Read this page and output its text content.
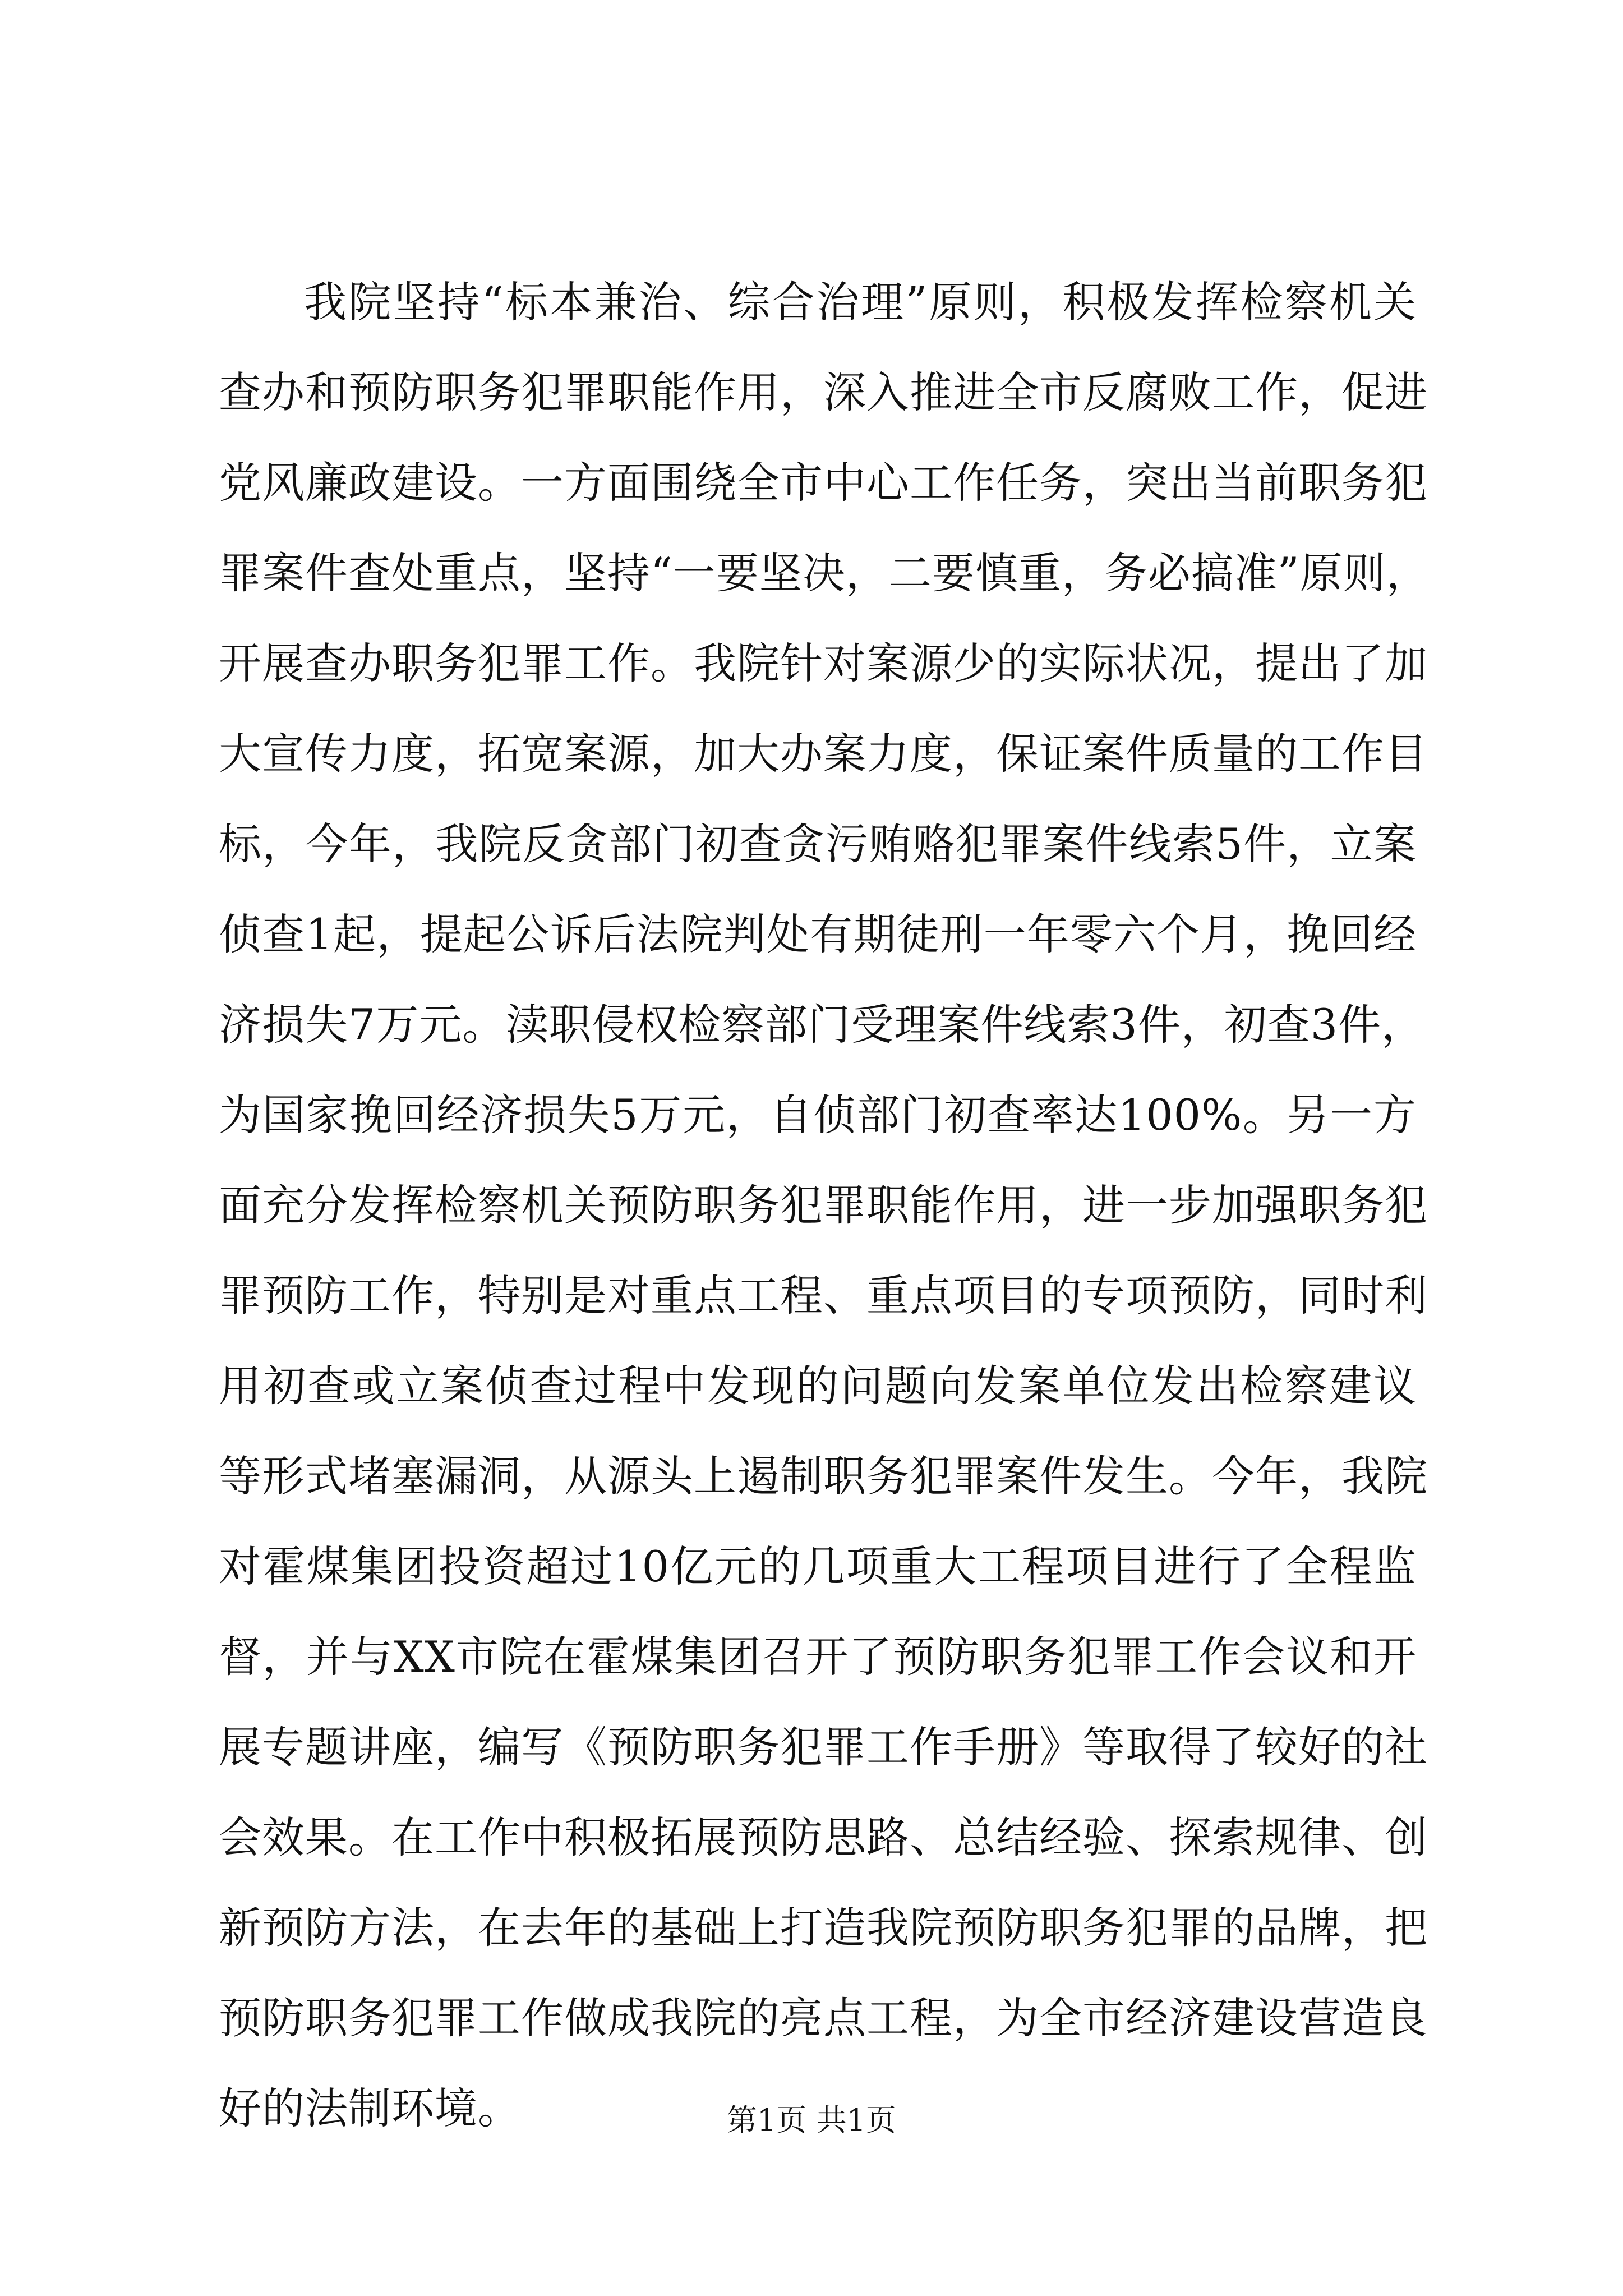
我院坚持“标本兼治、综合治理”原则，积极发挥检察机关
查办和预防职务犯罪职能作用，深入推进全市反腐败工作，促进
党风廉政建设。一方面围绕全市中心工作任务，突出当前职务犯
罪案件查处重点，坚持“一要坚决，二要慎重，务必搞准”原则，
开展查办职务犯罪工作。我院针对案源少的实际状况，提出了加
大宣传力度，拓宽案源，加大办案力度，保证案件质量的工作目
标，今年，我院反贪部门初查贪污贿赂犯罪案件线索5件，立案
侦查1起，提起公诉后法院判处有期徒刑一年零六个月，挽回经
济损失7万元。渎职侵权检察部门受理案件线索3件，初查3件，
为国家挽回经济损失5万元，自侦部门初查率达100%。另一方
面充分发挥检察机关预防职务犯罪职能作用，进一步加强职务犯
罪预防工作，特别是对重点工程、重点项目的专项预防，同时利
用初查或立案侦查过程中发现的问题向发案单位发出检察建议
等形式堵塞漏洞，从源头上遏制职务犯罪案件发生。今年，我院
对霍煤集团投资超过10亿元的几项重大工程项目进行了全程监
督，并与XX市院在霍煤集团召开了预防职务犯罪工作会议和开
展专题讲座，编写《预防职务犯罪工作手册》等取得了较好的社
会效果。在工作中积极拓展预防思路、总结经验、探索规律、创
新预防方法，在去年的基础上打造我院预防职务犯罪的品牌，把
预防职务犯罪工作做成我院的亮点工程，为全市经济建设营造良
好的法制环境。	第1页 共1页
